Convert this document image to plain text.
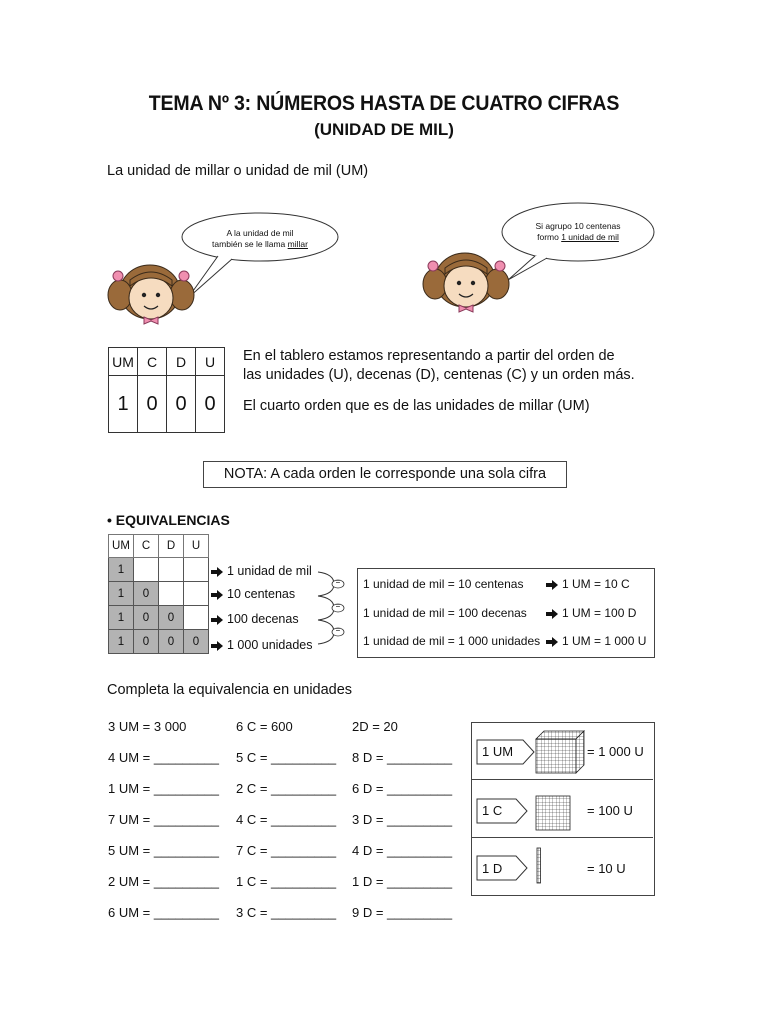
TEMA Nº 3: NÚMEROS HASTA DE CUATRO CIFRAS
(UNIDAD DE MIL)
La unidad de millar o unidad de mil (UM)
A la unidad de mil
también se le llama millar
Si agrupo 10 centenas
formo 1 unidad de mil
UM	C	D	U
1	0	0	0
En el tablero estamos representando a partir del orden de
las unidades (U), decenas (D), centenas (C) y un orden más.
El cuarto orden que es de las unidades de millar (UM)
NOTA: A cada orden le corresponde una sola cifra
• EQUIVALENCIAS
UM	C	D	U
1			
1	0		
1	0	0	
1	0	0	0
1 unidad de mil
10 centenas
100 decenas
1 000 unidades
=
=
=
1 unidad de mil = 10 centenas	1 UM = 10 C
1 unidad de mil = 100 decenas	1 UM = 100 D
1 unidad de mil = 1 000 unidades	1 UM = 1 000 U
Completa la equivalencia en unidades
3 UM = 3 000
4 UM = _________
1 UM = _________
7 UM = _________
5 UM = _________
2 UM = _________
6 UM = _________
6 C = 600
5 C = _________
2 C = _________
4 C = _________
7 C = _________
1 C = _________
3 C = _________
2D = 20
8 D = _________
6 D = _________
3 D = _________
4 D = _________
1 D = _________
9 D = _________
1 UM	= 1 000 U
1 C	= 100 U
1 D	= 10 U
